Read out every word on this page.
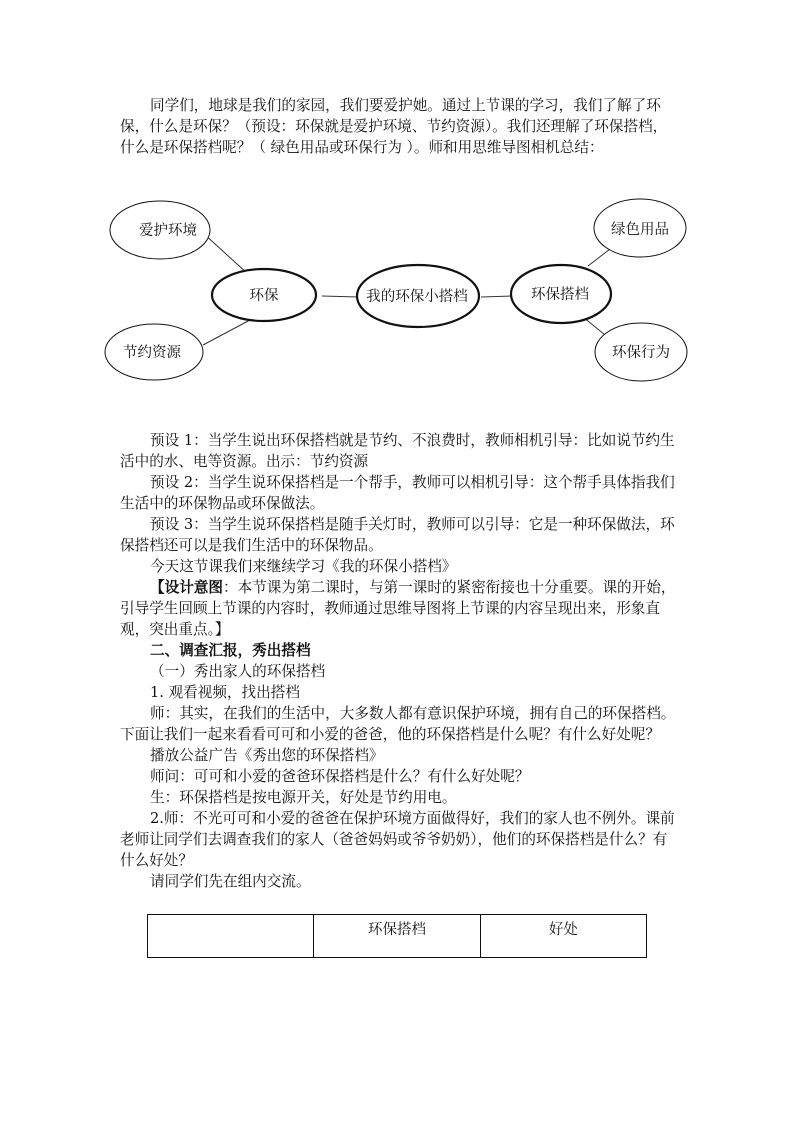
同学们，地球是我们的家园，我们要爱护她。通过上节课的学习，我们了解了环保，什么是环保？（预设：环保就是爱护环境、节约资源）。我们还理解了环保搭档，什么是环保搭档呢？（ 绿色用品或环保行为 ）。师和用思维导图相机总结：

爱护环境
节约资源
环保	我的环保小搭档	环保搭档
绿色用品
环保行为

预设 1：当学生说出环保搭档就是节约、不浪费时，教师相机引导：比如说节约生活中的水、电等资源。出示：节约资源

预设 2：当学生说环保搭档是一个帮手，教师可以相机引导：这个帮手具体指我们生活中的环保物品或环保做法。

预设 3：当学生说环保搭档是随手关灯时，教师可以引导：它是一种环保做法，环保搭档还可以是我们生活中的环保物品。

今天这节课我们来继续学习《我的环保小搭档》

【设计意图：本节课为第二课时，与第一课时的紧密衔接也十分重要。课的开始，引导学生回顾上节课的内容时，教师通过思维导图将上节课的内容呈现出来，形象直观，突出重点。】

二、调查汇报，秀出搭档

（一）秀出家人的环保搭档

1. 观看视频，找出搭档

师：其实，在我们的生活中，大多数人都有意识保护环境，拥有自己的环保搭档。下面让我们一起来看看可可和小爱的爸爸，他的环保搭档是什么呢？有什么好处呢？

播放公益广告《秀出您的环保搭档》

师问：可可和小爱的爸爸环保搭档是什么？有什么好处呢？

生：环保搭档是按电源开关，好处是节约用电。

2.师：不光可可和小爱的爸爸在保护环境方面做得好，我们的家人也不例外。课前老师让同学们去调查我们的家人（爸爸妈妈或爷爷奶奶），他们的环保搭档是什么？有什么好处？

请同学们先在组内交流。

	环保搭档	好处
